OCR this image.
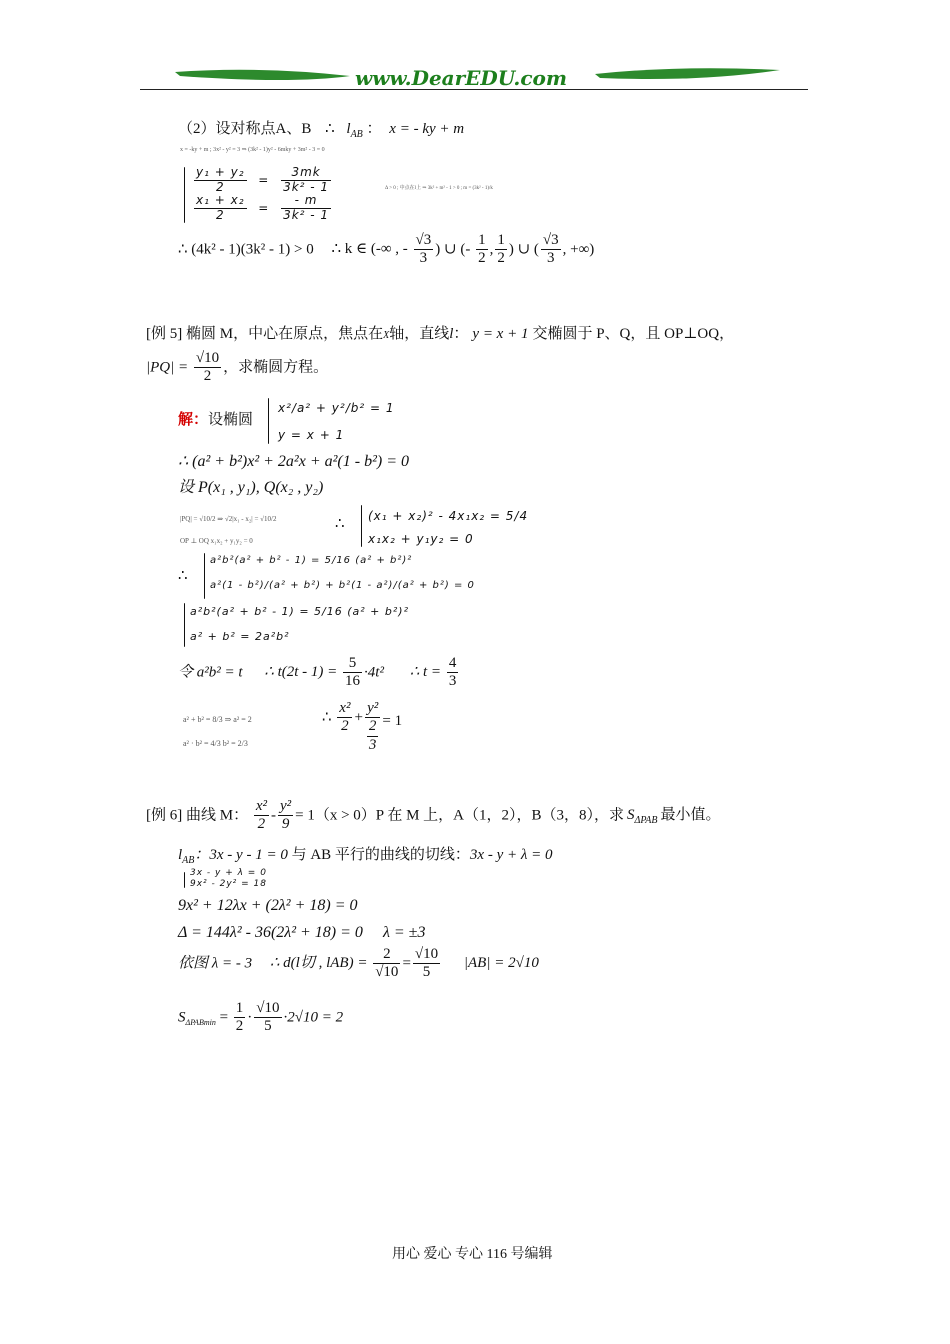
www.DearEDU.com
（2）设对称点A、B ∴ $l_{AB}$ ： x = - ky + m
x = -ky + m ; 3x² - y² = 3 ⇒ (3k² - 1)y² - 6mky + 3m² - 3 = 0
$\frac{\text{y₁ + y₂}}{2} = \frac{3mk}{\text{3k² - 1}}$
$\frac{\text{x₁ + x₂}}{2} = \frac{- m}{\text{3k² - 1}}$
Δ > 0 ; 中点在l上 ⇒ 3k² + m² - 1 > 0 ; m = (3k² - 1)/k
∴ (4k² - 1)(3k² - 1) > 0 ∴ k ∈ (-∞ , - $\frac{√3}{3}$ ) ∪ (- $\frac{1}{2}$ , $\frac{1}{2}$ ) ∪ ( $\frac{√3}{3}$ , +∞)
[例 5] 椭圆 M，中心在原点，焦点在X轴，直线l： y = x + 1 交椭圆于 P、Q，且 OP⊥OQ，
$|PQ| = \frac{√10}{2}$ ，求椭圆方程。
解：设椭圆
x²/a² + y²/b² = 1
y = x + 1
∴ (a² + b²)x² + 2a²x + a²(1 - b²) = 0
设 P(x₁ , y₁), Q(x₂ , y₂)
|PQ| = √10/2 ⇒ √2|x₁ - x₂| = √10/2
OP ⊥ OQ x₁x₂ + y₁y₂ = 0
∴ (x₁ + x₂)² - 4x₁x₂ = 5/4
x₁x₂ + y₁y₂ = 0
∴
a²b²(a² + b² - 1) = 5/16 (a² + b²)²
a²(1 - b²)/(a² + b²) + b²(1 - a²)/(a² + b²) = 0
a²b²(a² + b² - 1) = 5/16 (a² + b²)²
a² + b² = 2a²b²
令 a²b² = t ∴ $t(2t - 1) = \frac{5}{16} \cdot 4t^2$ ∴ $t = \frac{4}{3}$
a² + b² = 8/3 ⇒ a² = 2
a² · b² = 4/3 b² = 2/3
∴ $\frac{\text{x²}}{2} + \frac{\text{y²}}{\frac{2}{3}} = 1$
[例 6] 曲线 M： $\frac{\text{x²}}{2} - \frac{\text{y²}}{9} = 1(x > 0)P$ 在 M 上，A（1，2），B（3，8），求 $S_{\Delta PAB}$ 最小值。
$l_{AB}$：3x - y - 1 = 0 与 AB 平行的曲线的切线：3x - y + λ = 0
3x - y + λ = 0
9x² - 2y² = 18
9x² + 12λx + (2λ² + 18) = 0
Δ = 144λ² - 36(2λ² + 18) = 0 λ = ±3
依图 λ = - 3 ∴ d(l切 , $lAB) = \frac{2}{√10} = \frac{√10}{5} |AB| = 2√10$
$S_{\Delta PABmin} = \frac{1}{2} \cdot \frac{√10}{5} \cdot 2√10 = 2$
用心 爱心 专心 116 号编辑
